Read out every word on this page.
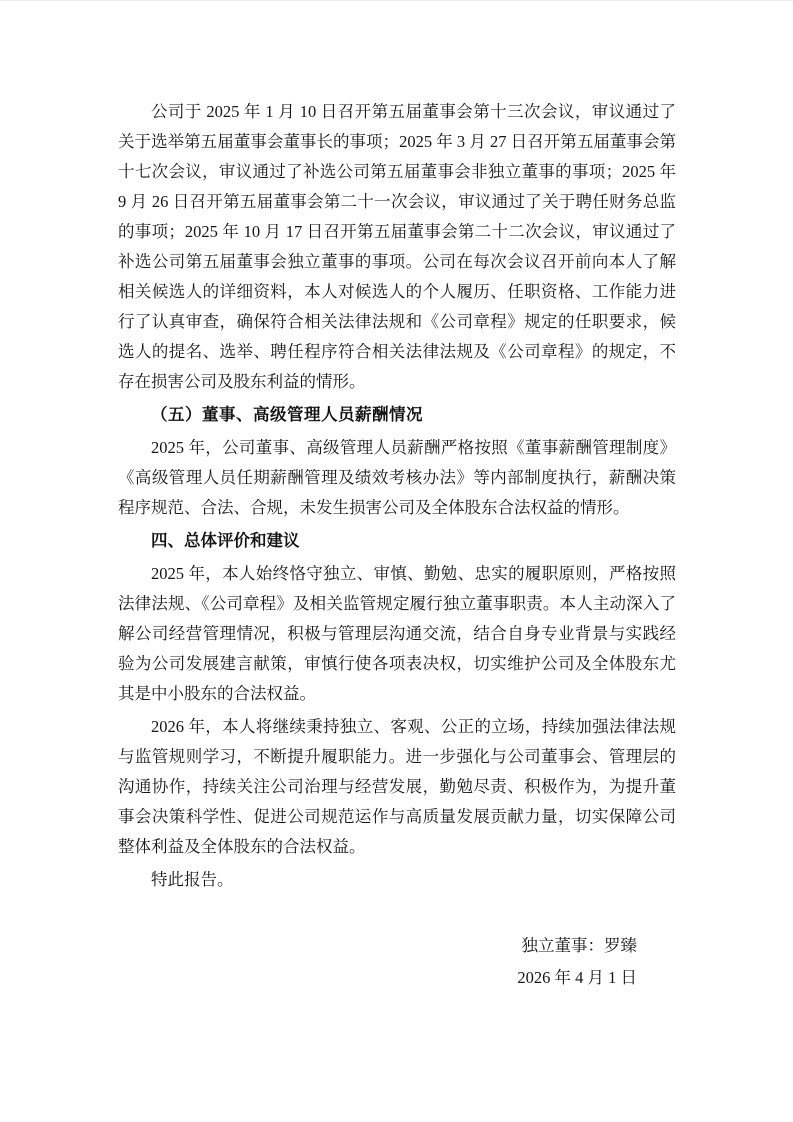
公司于 2025 年 1 月 10 日召开第五届董事会第十三次会议，审议通过了关于选举第五届董事会董事长的事项；2025 年 3 月 27 日召开第五届董事会第十七次会议，审议通过了补选公司第五届董事会非独立董事的事项；2025 年 9 月 26 日召开第五届董事会第二十一次会议，审议通过了关于聘任财务总监的事项；2025 年 10 月 17 日召开第五届董事会第二十二次会议，审议通过了补选公司第五届董事会独立董事的事项。公司在每次会议召开前向本人了解相关候选人的详细资料，本人对候选人的个人履历、任职资格、工作能力进行了认真审查，确保符合相关法律法规和《公司章程》规定的任职要求，候选人的提名、选举、聘任程序符合相关法律法规及《公司章程》的规定，不存在损害公司及股东利益的情形。

（五）董事、高级管理人员薪酬情况

2025 年，公司董事、高级管理人员薪酬严格按照《董事薪酬管理制度》《高级管理人员任期薪酬管理及绩效考核办法》等内部制度执行，薪酬决策程序规范、合法、合规，未发生损害公司及全体股东合法权益的情形。

四、总体评价和建议

2025 年，本人始终恪守独立、审慎、勤勉、忠实的履职原则，严格按照法律法规、《公司章程》及相关监管规定履行独立董事职责。本人主动深入了解公司经营管理情况，积极与管理层沟通交流，结合自身专业背景与实践经验为公司发展建言献策，审慎行使各项表决权，切实维护公司及全体股东尤其是中小股东的合法权益。

2026 年，本人将继续秉持独立、客观、公正的立场，持续加强法律法规与监管规则学习，不断提升履职能力。进一步强化与公司董事会、管理层的沟通协作，持续关注公司治理与经营发展，勤勉尽责、积极作为，为提升董事会决策科学性、促进公司规范运作与高质量发展贡献力量，切实保障公司整体利益及全体股东的合法权益。

特此报告。

独立董事：罗臻

2026 年 4 月 1 日
